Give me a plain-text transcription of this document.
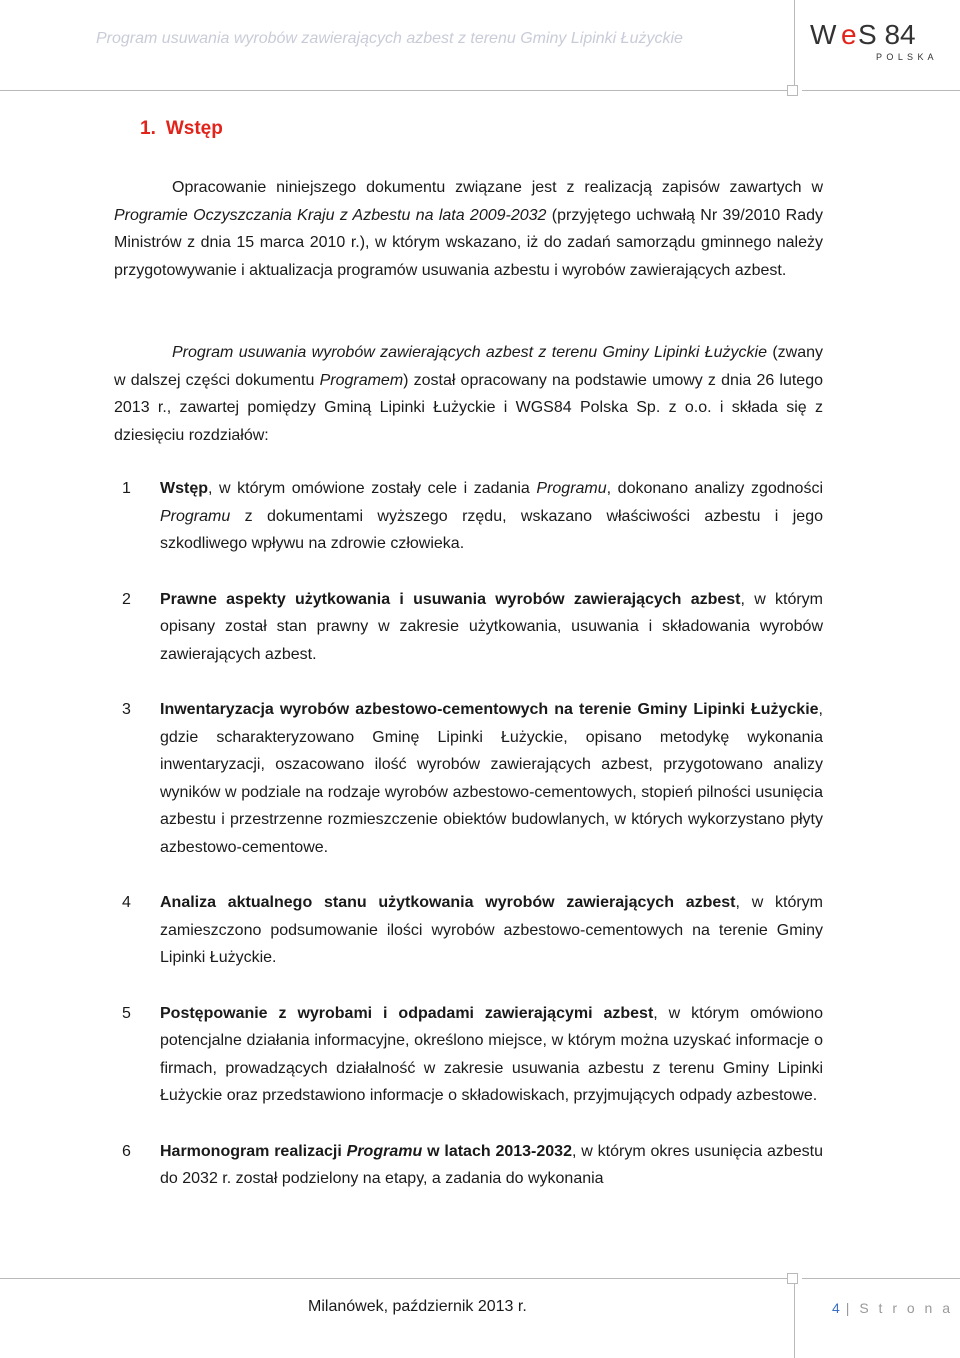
Program usuwania wyrobów zawierających azbest z terenu Gminy Lipinki Łużyckie	W e S 84
P O L S K A
1. Wstęp
Opracowanie niniejszego dokumentu związane jest z realizacją zapisów zawartych w Programie Oczyszczania Kraju z Azbestu na lata 2009-2032 (przyjętego uchwałą Nr 39/2010 Rady Ministrów z dnia 15 marca 2010 r.), w którym wskazano, iż do zadań samorządu gminnego należy przygotowywanie i aktualizacja programów usuwania azbestu i wyrobów zawierających azbest.
Program usuwania wyrobów zawierających azbest z terenu Gminy Lipinki Łużyckie (zwany w dalszej części dokumentu Programem) został opracowany na podstawie umowy z dnia 26 lutego 2013 r., zawartej pomiędzy Gminą Lipinki Łużyckie i WGS84 Polska Sp. z o.o. i składa się z dziesięciu rozdziałów:
1 Wstęp, w którym omówione zostały cele i zadania Programu, dokonano analizy zgodności Programu z dokumentami wyższego rzędu, wskazano właściwości azbestu i jego szkodliwego wpływu na zdrowie człowieka.
2 Prawne aspekty użytkowania i usuwania wyrobów zawierających azbest, w którym opisany został stan prawny w zakresie użytkowania, usuwania i składowania wyrobów zawierających azbest.
3 Inwentaryzacja wyrobów azbestowo-cementowych na terenie Gminy Lipinki Łużyckie, gdzie scharakteryzowano Gminę Lipinki Łużyckie, opisano metodykę wykonania inwentaryzacji, oszacowano ilość wyrobów zawierających azbest, przygotowano analizy wyników w podziale na rodzaje wyrobów azbestowo-cementowych, stopień pilności usunięcia azbestu i przestrzenne rozmieszczenie obiektów budowlanych, w których wykorzystano płyty azbestowo-cementowe.
4 Analiza aktualnego stanu użytkowania wyrobów zawierających azbest, w którym zamieszczono podsumowanie ilości wyrobów azbestowo-cementowych na terenie Gminy Lipinki Łużyckie.
5 Postępowanie z wyrobami i odpadami zawierającymi azbest, w którym omówiono potencjalne działania informacyjne, określono miejsce, w którym można uzyskać informacje o firmach, prowadzących działalność w zakresie usuwania azbestu z terenu Gminy Lipinki Łużyckie oraz przedstawiono informacje o składowiskach, przyjmujących odpady azbestowe.
6 Harmonogram realizacji Programu w latach 2013-2032, w którym okres usunięcia azbestu do 2032 r. został podzielony na etapy, a zadania do wykonania
Milanówek, październik 2013 r.	4 | S t r o n a
